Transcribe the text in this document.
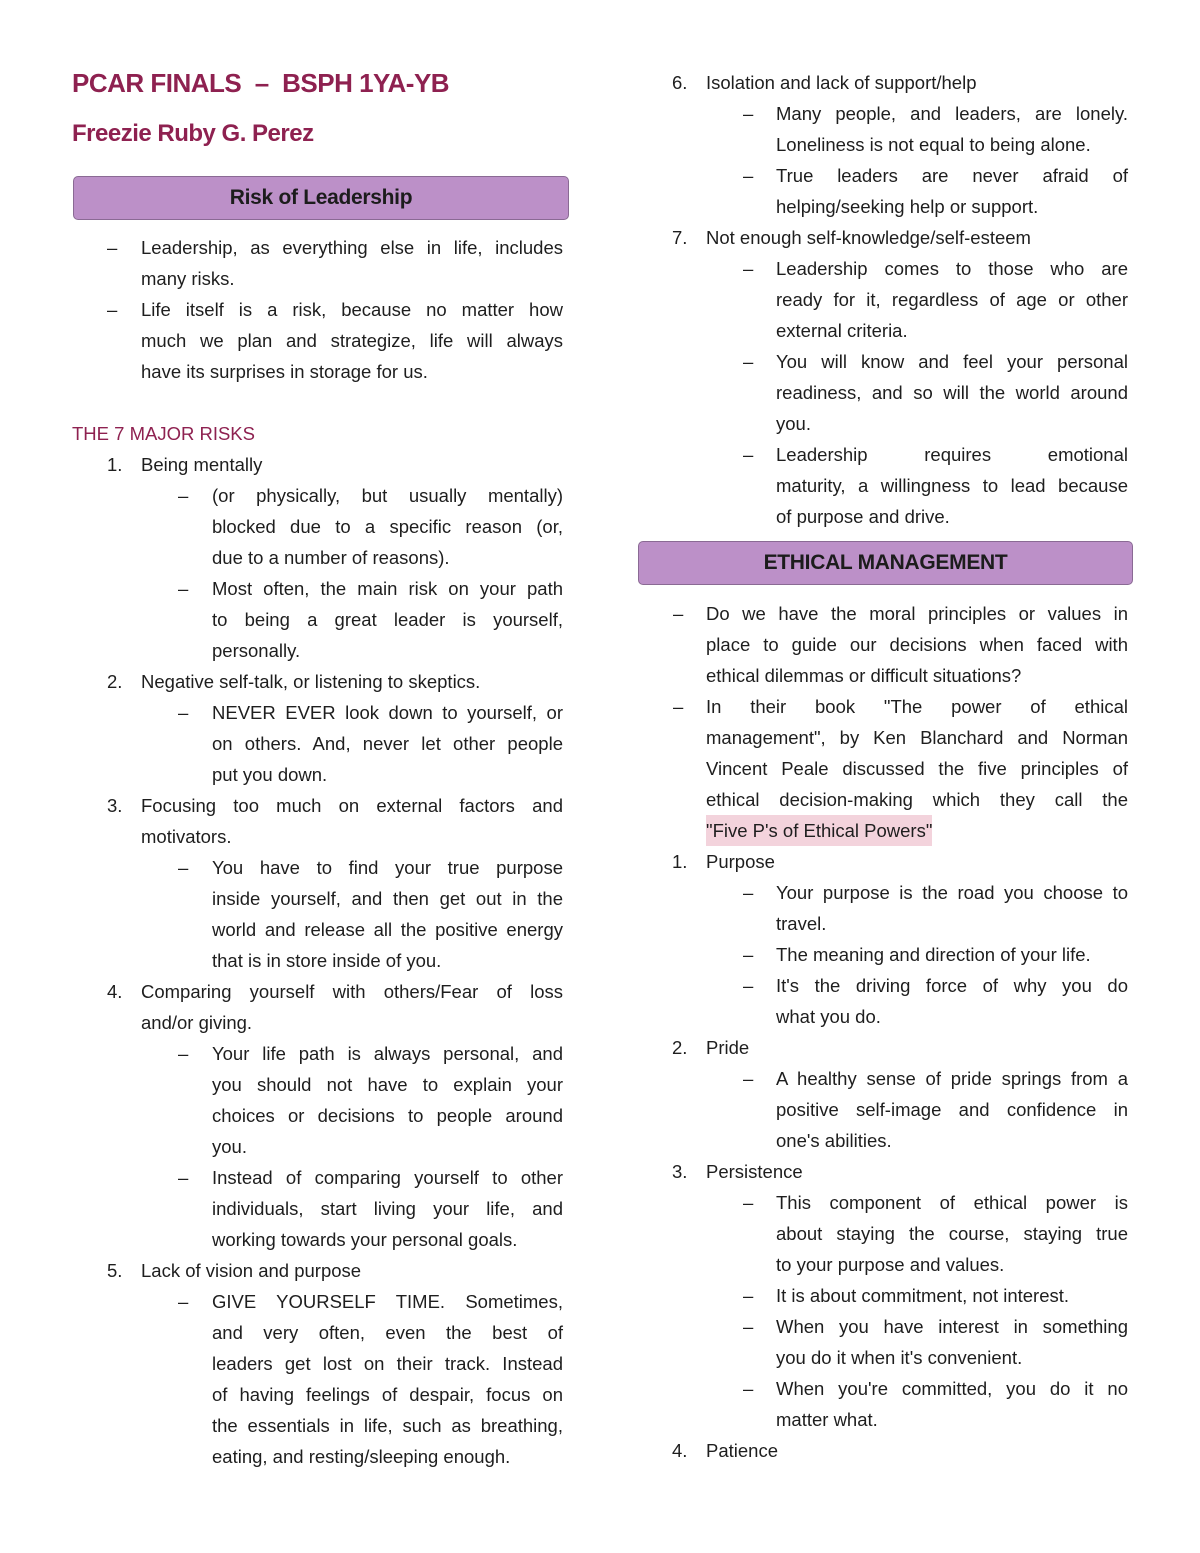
PCAR FINALS  –  BSPH 1YA-YB
Freezie Ruby G. Perez
Risk of Leadership
– Leadership, as everything else in life, includes
many risks.
– Life itself is a risk, because no matter how
much we plan and strategize, life will always
have its surprises in storage for us.
THE 7 MAJOR RISKS
1. Being mentally
– (or physically, but usually mentally)
blocked due to a specific reason (or,
due to a number of reasons).
– Most often, the main risk on your path
to being a great leader is yourself,
personally.
2. Negative self-talk, or listening to skeptics.
– NEVER EVER look down to yourself, or
on others. And, never let other people
put you down.
3. Focusing too much on external factors and
motivators.
– You have to find your true purpose
inside yourself, and then get out in the
world and release all the positive energy
that is in store inside of you.
4. Comparing yourself with others/Fear of loss
and/or giving.
– Your life path is always personal, and
you should not have to explain your
choices or decisions to people around
you.
– Instead of comparing yourself to other
individuals, start living your life, and
working towards your personal goals.
5. Lack of vision and purpose
– GIVE YOURSELF TIME. Sometimes,
and very often, even the best of
leaders get lost on their track. Instead
of having feelings of despair, focus on
the essentials in life, such as breathing,
eating, and resting/sleeping enough.
6. Isolation and lack of support/help
– Many people, and leaders, are lonely.
Loneliness is not equal to being alone.
– True leaders are never afraid of
helping/seeking help or support.
7. Not enough self-knowledge/self-esteem
– Leadership comes to those who are
ready for it, regardless of age or other
external criteria.
– You will know and feel your personal
readiness, and so will the world around
you.
– Leadership requires emotional
maturity, a willingness to lead because
of purpose and drive.
ETHICAL MANAGEMENT
– Do we have the moral principles or values in
place to guide our decisions when faced with
ethical dilemmas or difficult situations?
– In their book "The power of ethical
management", by Ken Blanchard and Norman
Vincent Peale discussed the five principles of
ethical decision-making which they call the
"Five P's of Ethical Powers"
1. Purpose
– Your purpose is the road you choose to
travel.
– The meaning and direction of your life.
– It's the driving force of why you do
what you do.
2. Pride
– A healthy sense of pride springs from a
positive self-image and confidence in
one's abilities.
3. Persistence
– This component of ethical power is
about staying the course, staying true
to your purpose and values.
– It is about commitment, not interest.
– When you have interest in something
you do it when it's convenient.
– When you're committed, you do it no
matter what.
4. Patience
